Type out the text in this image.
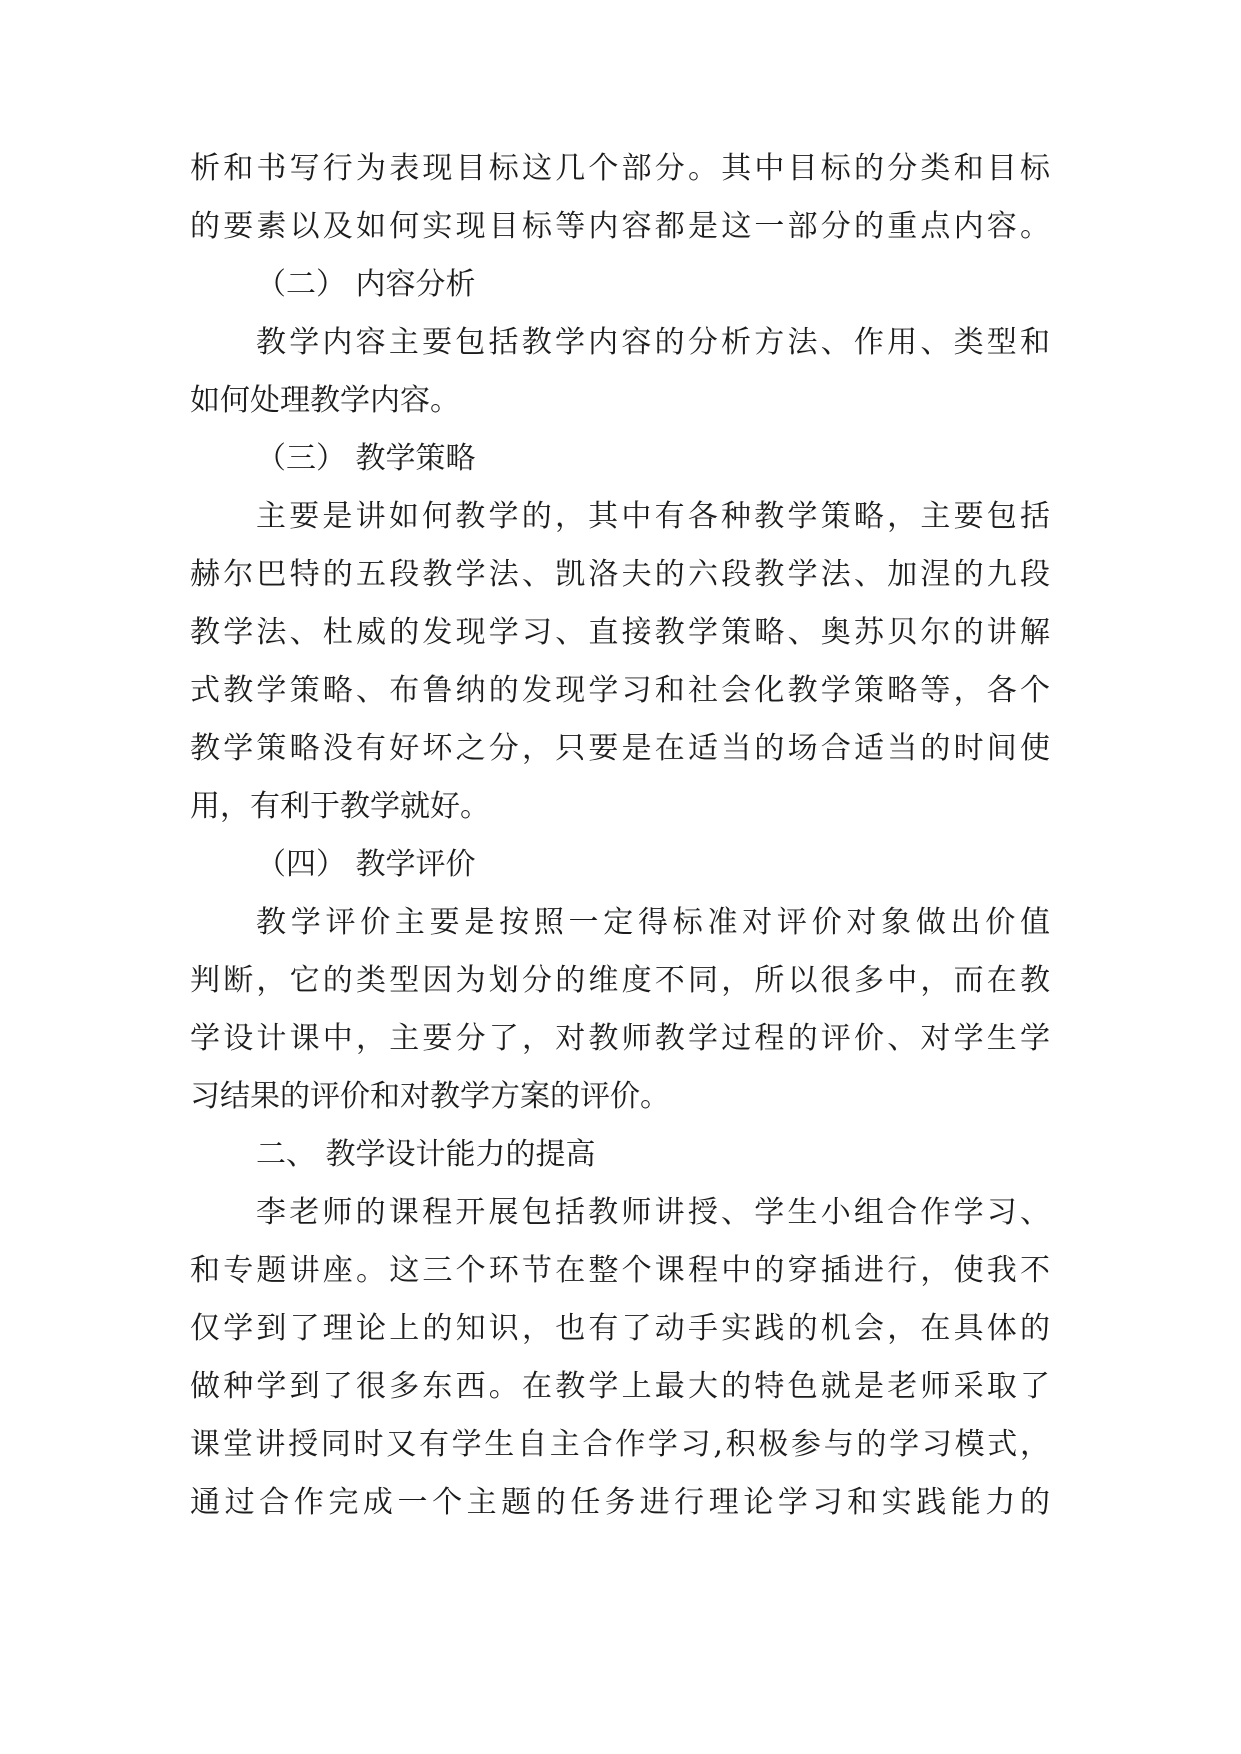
析和书写行为表现目标这几个部分。其中目标的分类和目标
的要素以及如何实现目标等内容都是这一部分的重点内容。
（二） 内容分析
教学内容主要包括教学内容的分析方法、作用、类型和
如何处理教学内容。
（三） 教学策略
主要是讲如何教学的，其中有各种教学策略，主要包括
赫尔巴特的五段教学法、凯洛夫的六段教学法、加涅的九段
教学法、杜威的发现学习、直接教学策略、奥苏贝尔的讲解
式教学策略、布鲁纳的发现学习和社会化教学策略等，各个
教学策略没有好坏之分，只要是在适当的场合适当的时间使
用，有利于教学就好。
（四） 教学评价
教学评价主要是按照一定得标准对评价对象做出价值
判断，它的类型因为划分的维度不同，所以很多中，而在教
学设计课中，主要分了，对教师教学过程的评价、对学生学
习结果的评价和对教学方案的评价。
二、 教学设计能力的提高
李老师的课程开展包括教师讲授、学生小组合作学习、
和专题讲座。这三个环节在整个课程中的穿插进行，使我不
仅学到了理论上的知识，也有了动手实践的机会，在具体的
做种学到了很多东西。在教学上最大的特色就是老师采取了
课堂讲授同时又有学生自主合作学习,积极参与的学习模式，
通过合作完成一个主题的任务进行理论学习和实践能力的
